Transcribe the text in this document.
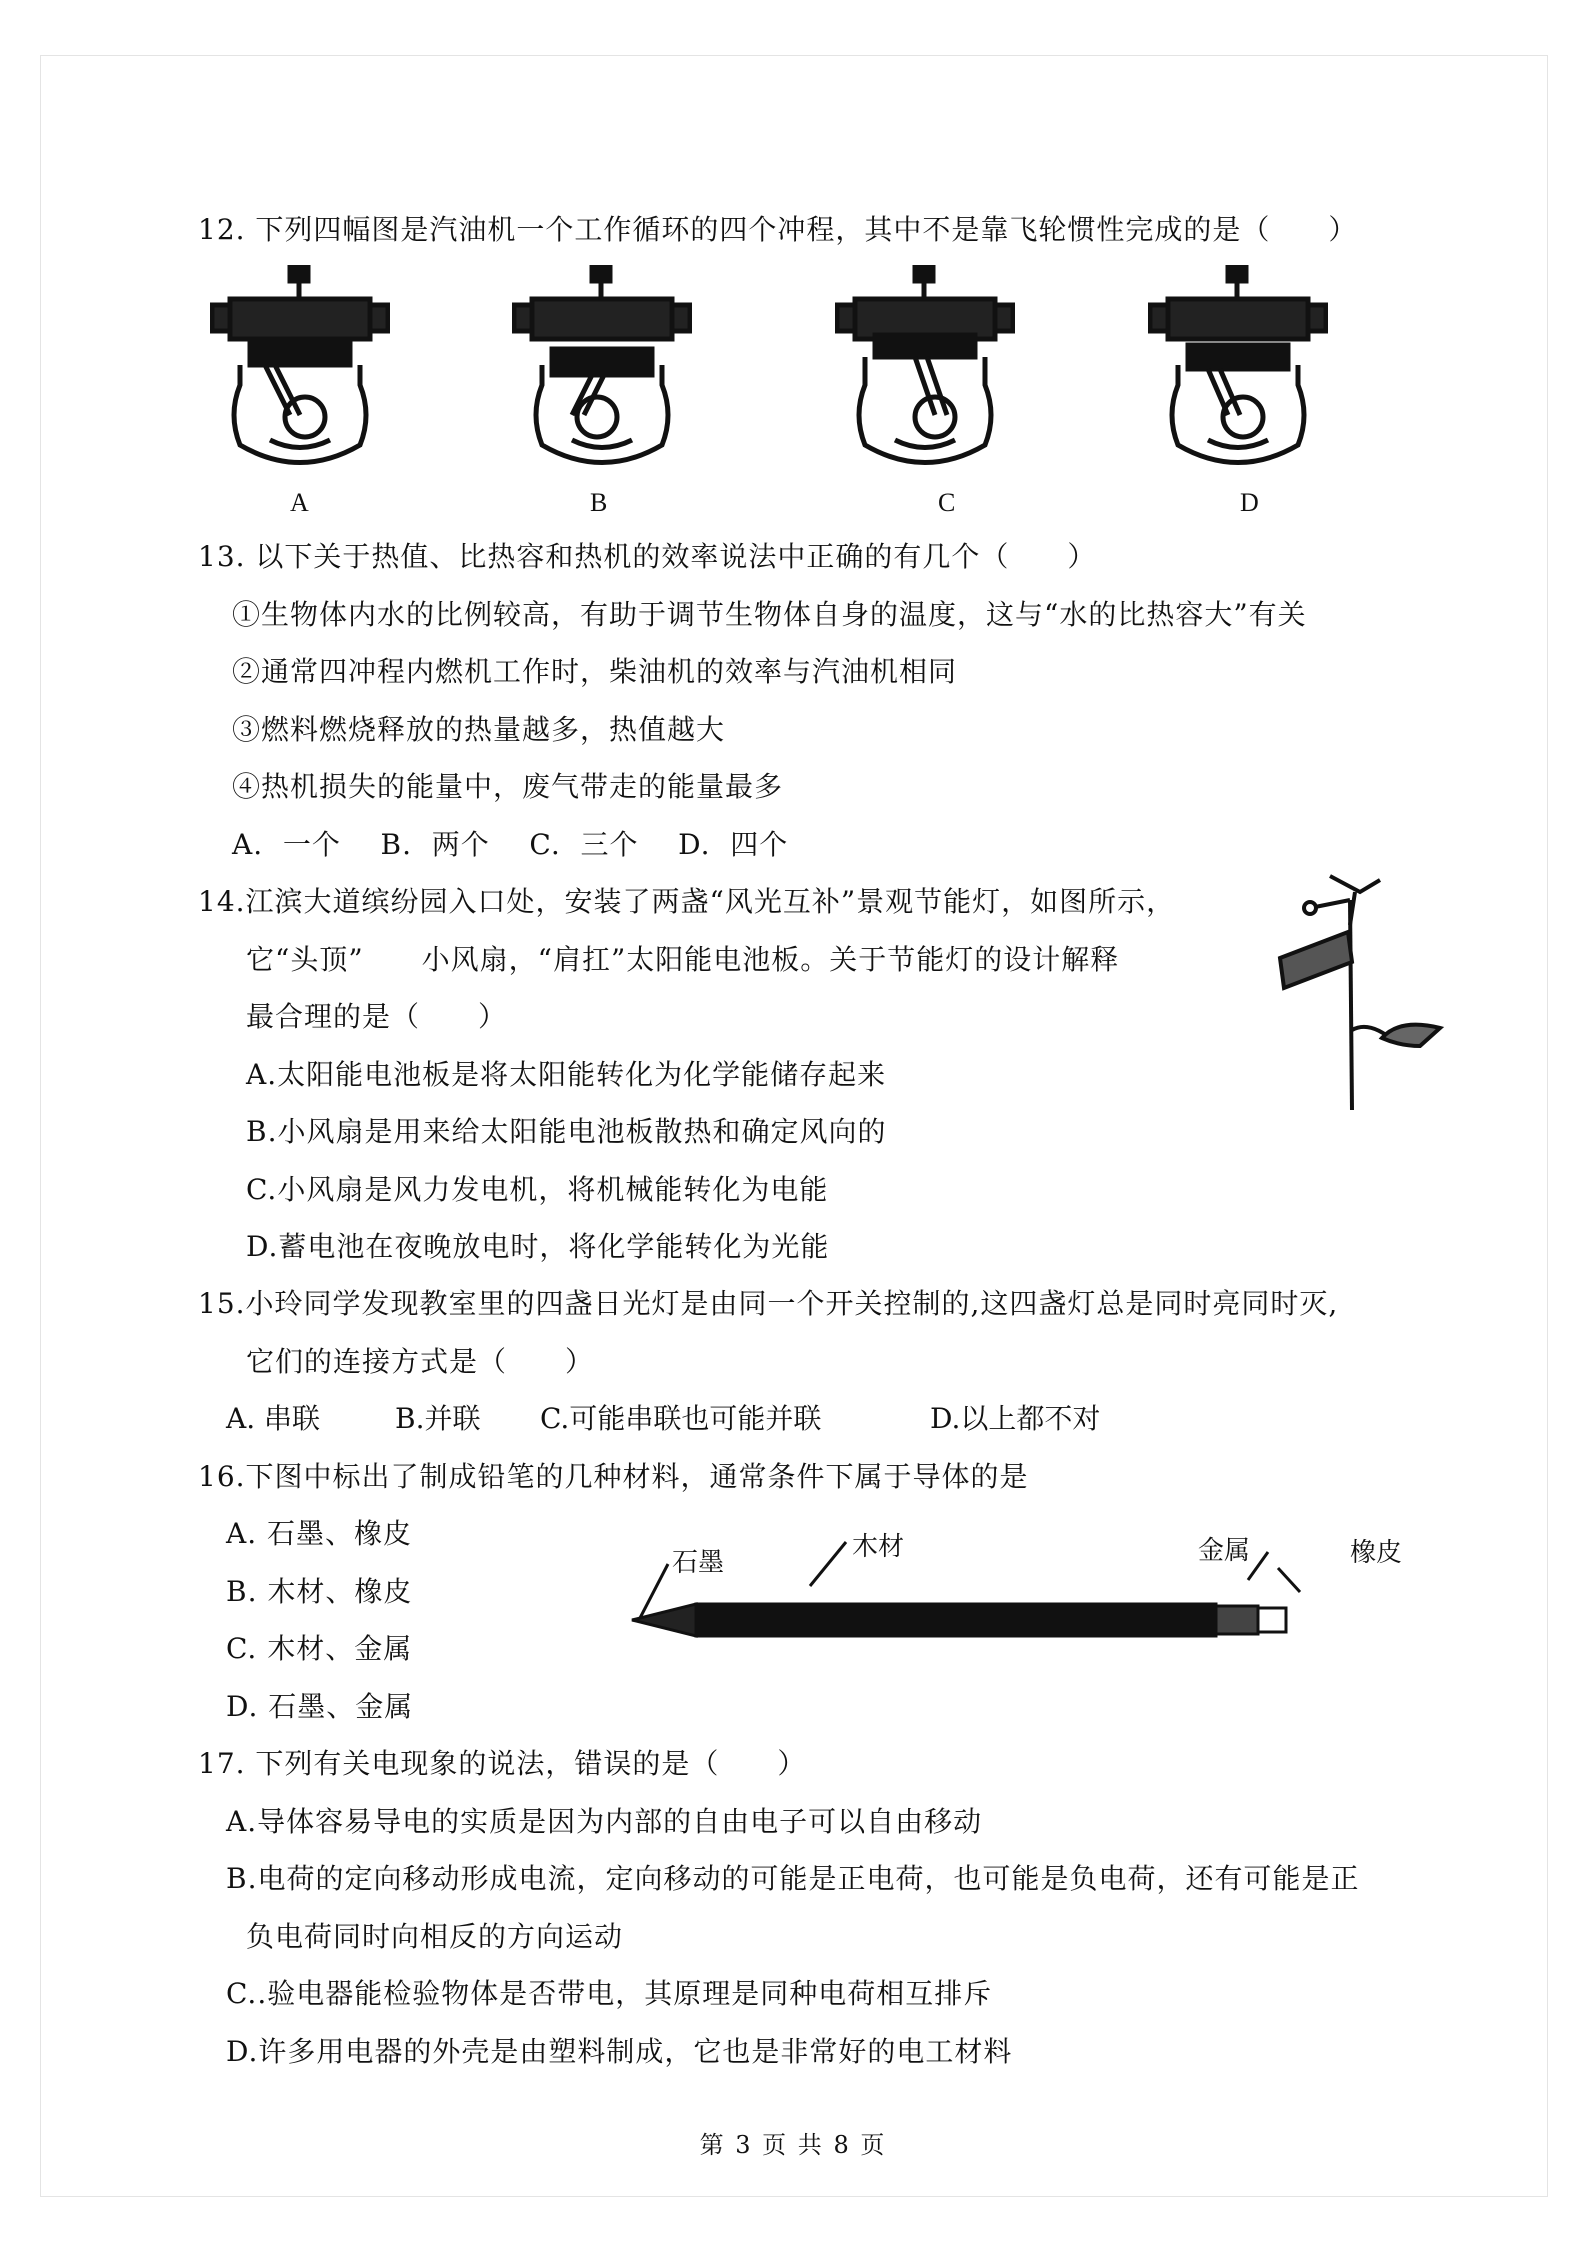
12. 下列四幅图是汽油机一个工作循环的四个冲程，其中不是靠飞轮惯性完成的是（　　）
A	B	C	D
13. 以下关于热值、比热容和热机的效率说法中正确的有几个（　　）
①生物体内水的比例较高，有助于调节生物体自身的温度，这与“水的比热容大”有关
②通常四冲程内燃机工作时，柴油机的效率与汽油机相同
③燃料燃烧释放的热量越多，热值越大
④热机损失的能量中，废气带走的能量最多
A.  一个    B.  两个    C.  三个    D.  四个
14.江滨大道缤纷园入口处，安装了两盏“风光互补”景观节能灯，如图所示，
它“头顶”　　小风扇，“肩扛”太阳能电池板。关于节能灯的设计解释
最合理的是（　　）
A.太阳能电池板是将太阳能转化为化学能储存起来
B.小风扇是用来给太阳能电池板散热和确定风向的
C.小风扇是风力发电机，将机械能转化为电能
D.蓄电池在夜晚放电时，将化学能转化为光能
15.小玲同学发现教室里的四盏日光灯是由同一个开关控制的,这四盏灯总是同时亮同时灭,
它们的连接方式是（　　）
A. 串联	B.并联 C.可能串联也可能并联	D.以上都不对
16.下图中标出了制成铅笔的几种材料，通常条件下属于导体的是
A. 石墨、橡皮
B. 木材、橡皮
C. 木材、金属
D. 石墨、金属
石墨
木材	金属	橡皮
17. 下列有关电现象的说法，错误的是（　　）
A.导体容易导电的实质是因为内部的自由电子可以自由移动
B.电荷的定向移动形成电流，定向移动的可能是正电荷，也可能是负电荷，还有可能是正
负电荷同时向相反的方向运动
C..验电器能检验物体是否带电，其原理是同种电荷相互排斥
D.许多用电器的外壳是由塑料制成，它也是非常好的电工材料
第 3 页 共 8 页
